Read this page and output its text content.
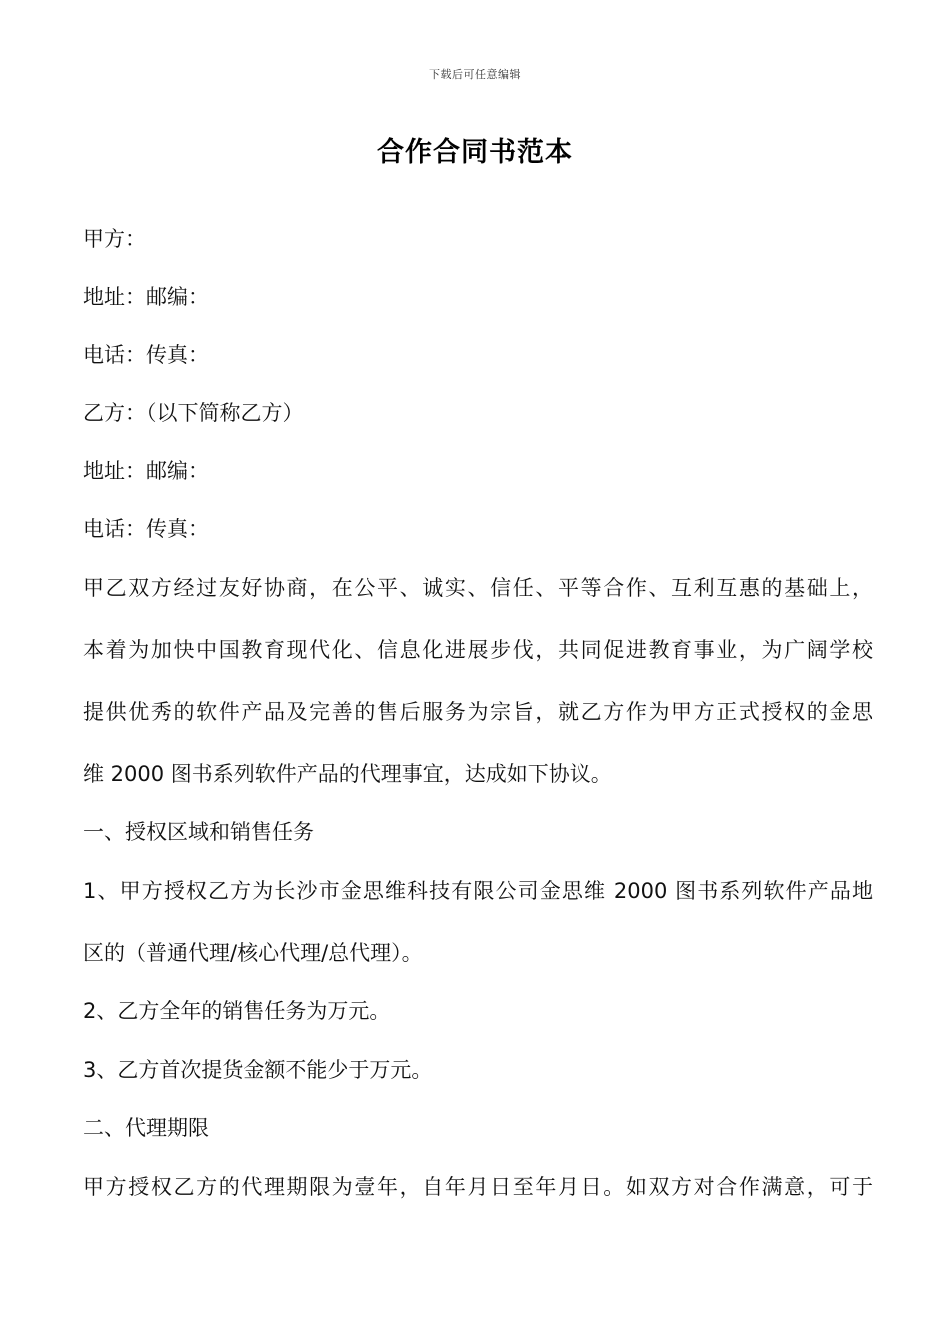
下载后可任意编辑
合作合同书范本

甲方：

地址：邮编：

电话：传真：

乙方：（以下简称乙方）

地址：邮编：

电话：传真：

甲乙双方经过友好协商，在公平、诚实、信任、平等合作、互利互惠的基础上，

本着为加快中国教育现代化、信息化进展步伐，共同促进教育事业，为广阔学校

提供优秀的软件产品及完善的售后服务为宗旨，就乙方作为甲方正式授权的金思

维 2000 图书系列软件产品的代理事宜，达成如下协议。

一、授权区域和销售任务

1、甲方授权乙方为长沙市金思维科技有限公司金思维 2000 图书系列软件产品地

区的（普通代理/核心代理/总代理）。

2、乙方全年的销售任务为万元。

3、乙方首次提货金额不能少于万元。

二、代理期限

甲方授权乙方的代理期限为壹年，自年月日至年月日。如双方对合作满意，可于
